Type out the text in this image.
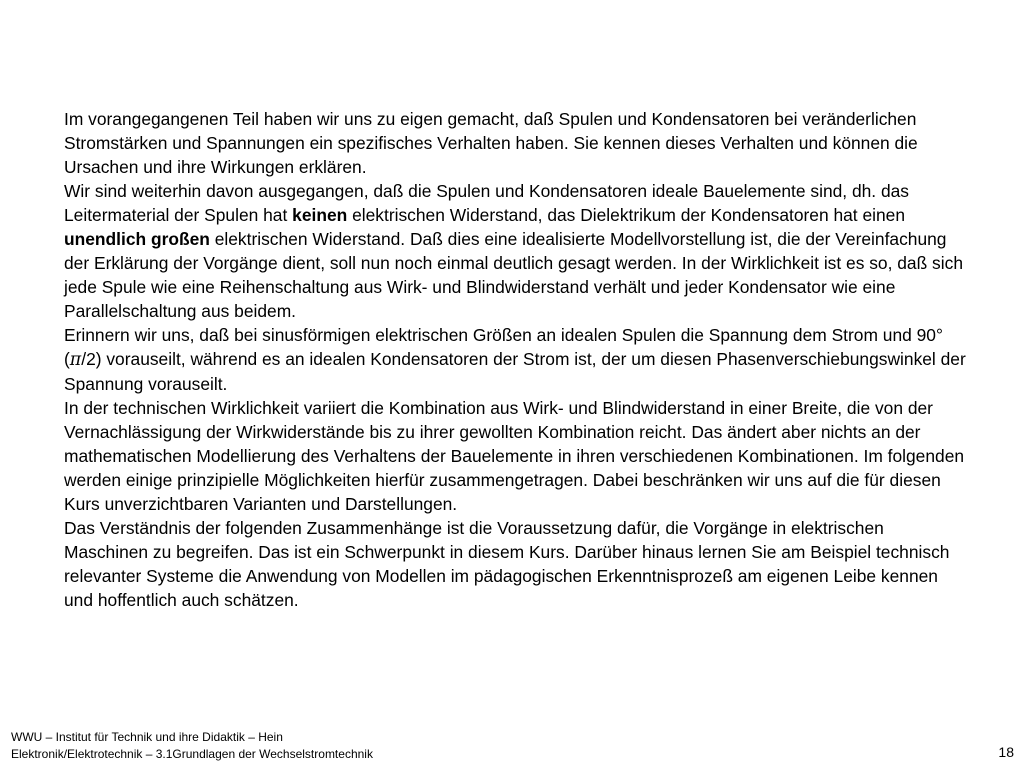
Im vorangegangenen Teil haben wir uns zu eigen gemacht, daß Spulen und Kondensatoren bei veränderlichen Stromstärken und Spannungen ein spezifisches Verhalten haben. Sie kennen dieses Verhalten und können die Ursachen und ihre Wirkungen erklären.

Wir sind weiterhin davon ausgegangen, daß die Spulen und Kondensatoren ideale Bauelemente sind, dh. das Leitermaterial der Spulen hat keinen elektrischen Widerstand, das Dielektrikum der Kondensatoren hat einen unendlich großen elektrischen Widerstand. Daß dies eine idealisierte Modellvorstellung ist, die der Vereinfachung der Erklärung der Vorgänge dient, soll nun noch einmal deutlich gesagt werden. In der Wirklichkeit ist es so, daß sich jede Spule wie eine Reihenschaltung aus Wirk- und Blindwiderstand verhält und jeder Kondensator wie eine Parallelschaltung aus beidem.

Erinnern wir uns, daß bei sinusförmigen elektrischen Größen an idealen Spulen die Spannung dem Strom und 90° (π/2) vorauseilt, während es an idealen Kondensatoren der Strom ist, der um diesen Phasenverschiebungswinkel der Spannung vorauseilt.

In der technischen Wirklichkeit variiert die Kombination aus Wirk- und Blindwiderstand in einer Breite, die von der Vernachlässigung der Wirkwiderstände bis zu ihrer gewollten Kombination reicht. Das ändert aber nichts an der mathematischen Modellierung des Verhaltens der Bauelemente in ihren verschiedenen Kombinationen. Im folgenden werden einige prinzipielle Möglichkeiten hierfür zusammengetragen. Dabei beschränken wir uns auf die für diesen Kurs unverzichtbaren Varianten und Darstellungen.

Das Verständnis der folgenden Zusammenhänge ist die Voraussetzung dafür, die Vorgänge in elektrischen Maschinen zu begreifen. Das ist ein Schwerpunkt in diesem Kurs. Darüber hinaus lernen Sie am Beispiel technisch relevanter Systeme die Anwendung von Modellen im pädagogischen Erkenntnisprozeß am eigenen Leibe kennen und hoffentlich auch schätzen.

WWU – Institut für Technik und ihre Didaktik – Hein
Elektronik/Elektrotechnik – 3.1Grundlagen der Wechselstromtechnik	18
